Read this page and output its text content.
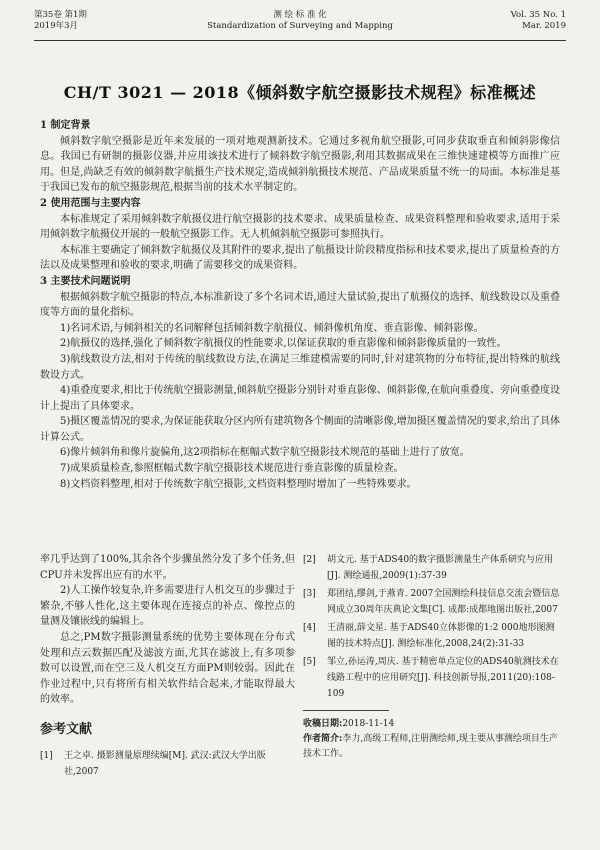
第35卷 第1期
2019年3月
测 绘 标 准 化
Standardization of Surveying and Mapping
Vol. 35 No. 1
Mar. 2019
CH/T 3021 — 2018《倾斜数字航空摄影技术规程》标准概述
1 制定背景

倾斜数字航空摄影是近年来发展的一项对地观测新技术。它通过多视角航空摄影,可同步获取垂直和倾斜影像信息。我国已有研制的摄影仪器,并应用该技术进行了倾斜数字航空摄影,利用其数据成果在三维快速建模等方面推广应用。但是,尚缺乏有效的倾斜数字航摄生产技术规定,造成倾斜航摄技术规范、产品成果质量不统一的局面。本标准是基于我国已发布的航空摄影规范,根据当前的技术水平制定的。

2 使用范围与主要内容

本标准规定了采用倾斜数字航摄仪进行航空摄影的技术要求、成果质量检查、成果资料整理和验收要求,适用于采用倾斜数字航摄仪开展的一般航空摄影工作。无人机倾斜航空摄影可参照执行。

本标准主要确定了倾斜数字航摄仪及其附件的要求,提出了航摄设计阶段精度指标和技术要求,提出了质量检查的方法以及成果整理和验收的要求,明确了需要移交的成果资料。

3 主要技术问题说明

根据倾斜数字航空摄影的特点,本标准新设了多个名词术语,通过大量试验,提出了航摄仪的选择、航线数设以及重叠度等方面的量化指标。

1)名词术语,与倾斜相关的名词解释包括倾斜数字航摄仪、倾斜像机角度、垂直影像、倾斜影像。

2)航摄仪的选择,强化了倾斜数字航摄仪的性能要求,以保证获取的垂直影像和倾斜影像质量的一致性。

3)航线数设方法,相对于传统的航线数设方法,在满足三维建模需要的同时,针对建筑物的分布特征,提出特殊的航线数设方式。

4)重叠度要求,相比于传统航空摄影测量,倾斜航空摄影分别针对垂直影像、倾斜影像,在航向重叠度、旁向重叠度设计上提出了具体要求。

5)摄区覆盖情况的要求,为保证能获取分区内所有建筑物各个侧面的清晰影像,增加摄区覆盖情况的要求,给出了具体计算公式。

6)像片倾斜角和像片旋偏角,这2项指标在框幅式数字航空摄影技术规范的基础上进行了放宽。

7)成果质量检查,参照框幅式数字航空摄影技术规范进行垂直影像的质量检查。

8)文档资料整理,相对于传统数字航空摄影,文档资料整理时增加了一些特殊要求。

率几乎达到了100%,其余各个步骤虽然分发了多个任务,但CPU并未发挥出应有的水平。

2)人工操作较复杂,许多需要进行人机交互的步骤过于繁杂,不够人性化,这主要体现在连接点的补点、像控点的量测及镶嵌线的编辑上。

总之,PM数字摄影测量系统的优势主要体现在分布式处理和点云数据匹配及滤波方面,尤其在滤波上,有多项参数可以设置,而在空三及人机交互方面PM则较弱。因此在作业过程中,只有将所有相关软件结合起来,才能取得最大的效率。

参考文献
[1] 王之卓. 摄影测量原理续编[M]. 武汉:武汉大学出版社,2007
[2] 胡文元. 基于ADS40的数字摄影测量生产体系研究与应用[J]. 测绘通报,2009(1):37-39
[3] 郑团结,缪剑,于燕青. 2007全国测绘科技信息交流会暨信息网成立30周年庆典论文集[C]. 成都:成都地图出版社,2007
[4] 王清丽,薛文星. 基于ADS40立体影像的1:2 000地形图测图的技术特点[J]. 测绘标准化,2008,24(2):31-33
[5] 邹立,孙运涛,周庆. 基于精密单点定位的ADS40航测技术在线路工程中的应用研究[J]. 科技创新导报,2011(20):108-109

收稿日期:2018-11-14

作者简介:李力,高级工程师,注册测绘师,现主要从事测绘项目生产技术工作。
